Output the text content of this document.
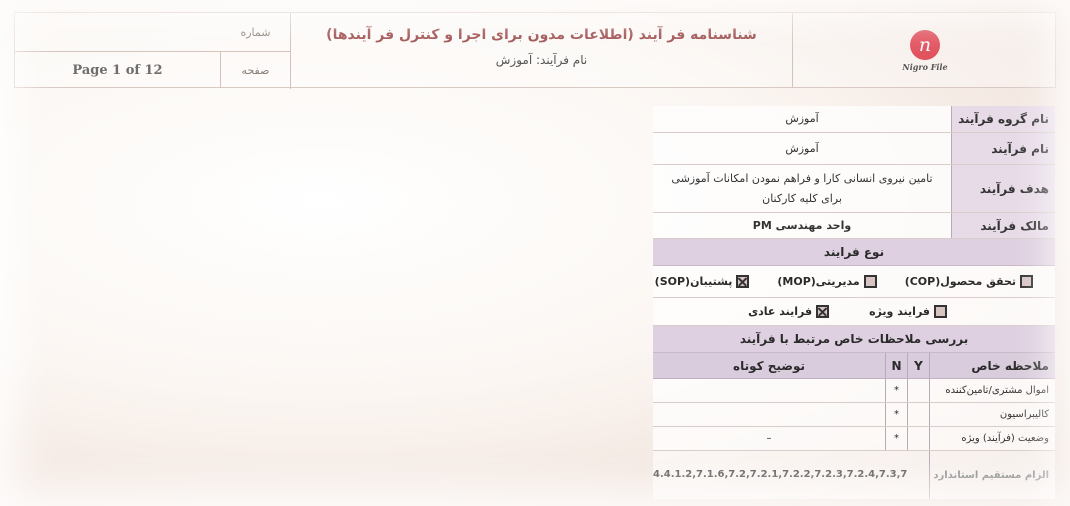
Page 1 of 12
شماره
صفحه
شناسنامه فر آیند (اطلاعات مدون برای اجرا و کنترل فر آیندها)
نام فرآیند: آموزش
n
Nigro File
نام گروه فرآیند
آموزش
نام فرآیند
آموزش
هدف فرآیند
تامین نیروی انسانی کارا و فراهم نمودن امکانات آموزشی
برای کلیه کارکنان
مالک فرآیند
واحد مهندسی PM
نوع فرایند
تحقق محصول(COP)
مدیریتی(MOP)
پشتیبان(SOP)
فرایند ویژه
فرایند عادی
بررسی ملاحظات خاص مرتبط با فرآیند
ملاحظه خاص
Y
N
توضیح کوتاه
اموال مشتری/تامین‌کننده
*
کالیبراسیون
*
وضعیت (فرآیند) ویژه
*
–
الزام مستقیم استاندارد
4.4.1.2,7.1.6,7.2,7.2.1,7.2.2,7.2.3,7.2.4,7.3,7
